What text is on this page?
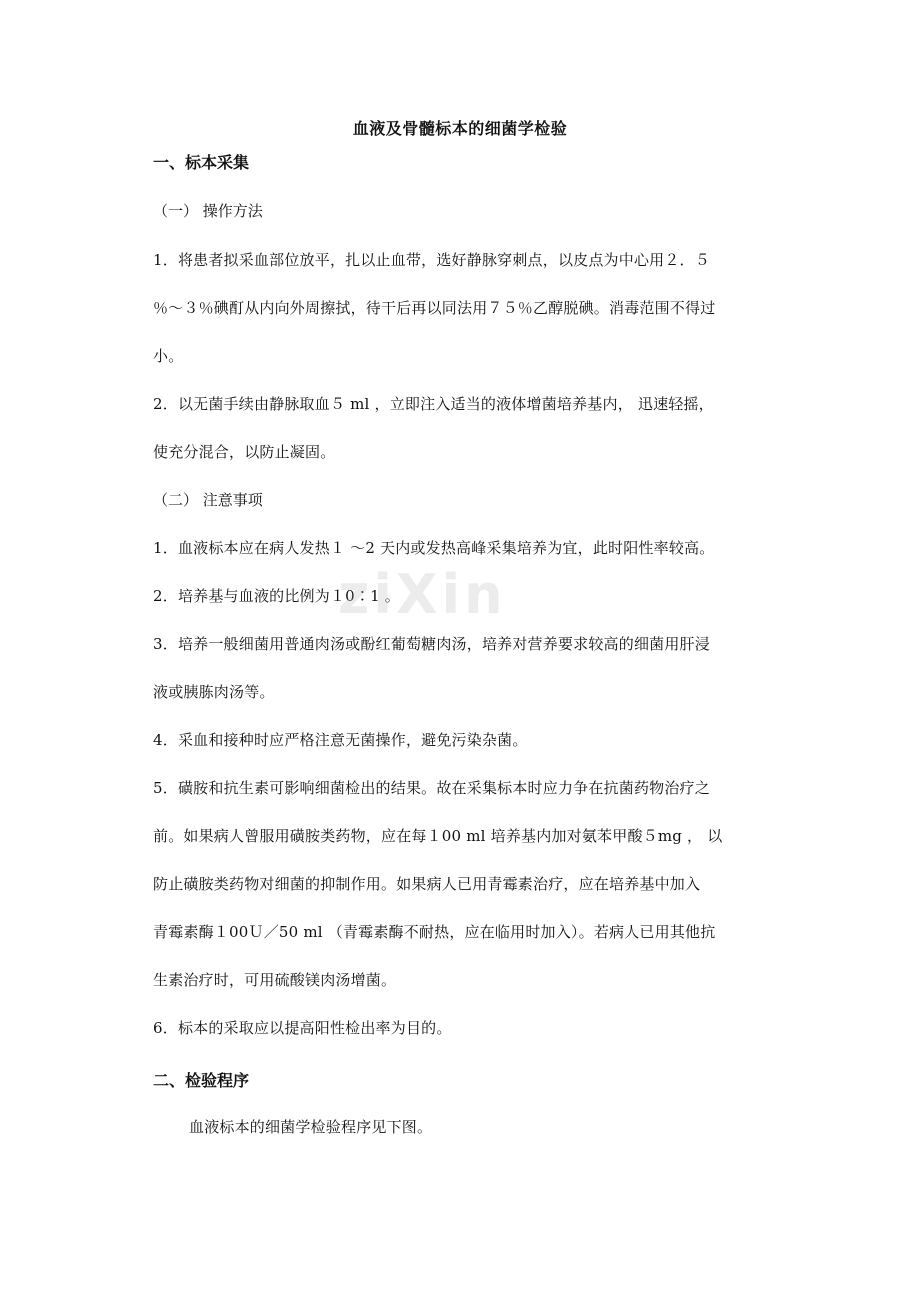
血液及骨髓标本的细菌学检验
一、标本采集
（一） 操作方法
1．将患者拟采血部位放平，扎以止血带，选好静脉穿刺点，以皮点为中心用２．５
％～３％碘酊从内向外周擦拭，待干后再以同法用７５％乙醇脱碘。消毒范围不得过
小。
2．以无菌手续由静脉取血５ ml ，立即注入适当的液体增菌培养基内， 迅速轻摇，
使充分混合，以防止凝固。
（二） 注意事项
1．血液标本应在病人发热１ ～2 天内或发热高峰采集培养为宜，此时阳性率较高。
2．培养基与血液的比例为１0∶1 。
3．培养一般细菌用普通肉汤或酚红葡萄糖肉汤，培养对营养要求较高的细菌用肝浸
液或胰胨肉汤等。
4．采血和接种时应严格注意无菌操作，避免污染杂菌。
5．磺胺和抗生素可影响细菌检出的结果。故在采集标本时应力争在抗菌药物治疗之
前。如果病人曾服用磺胺类药物，应在每１00 ml 培养基内加对氨苯甲酸５mg ， 以
防止磺胺类药物对细菌的抑制作用。如果病人已用青霉素治疗，应在培养基中加入
青霉素酶１00Ｕ／50 ml （青霉素酶不耐热，应在临用时加入）。若病人已用其他抗
生素治疗时，可用硫酸镁肉汤增菌。
6．标本的采取应以提高阳性检出率为目的。
二、检验程序
血液标本的细菌学检验程序见下图。
ziXin
